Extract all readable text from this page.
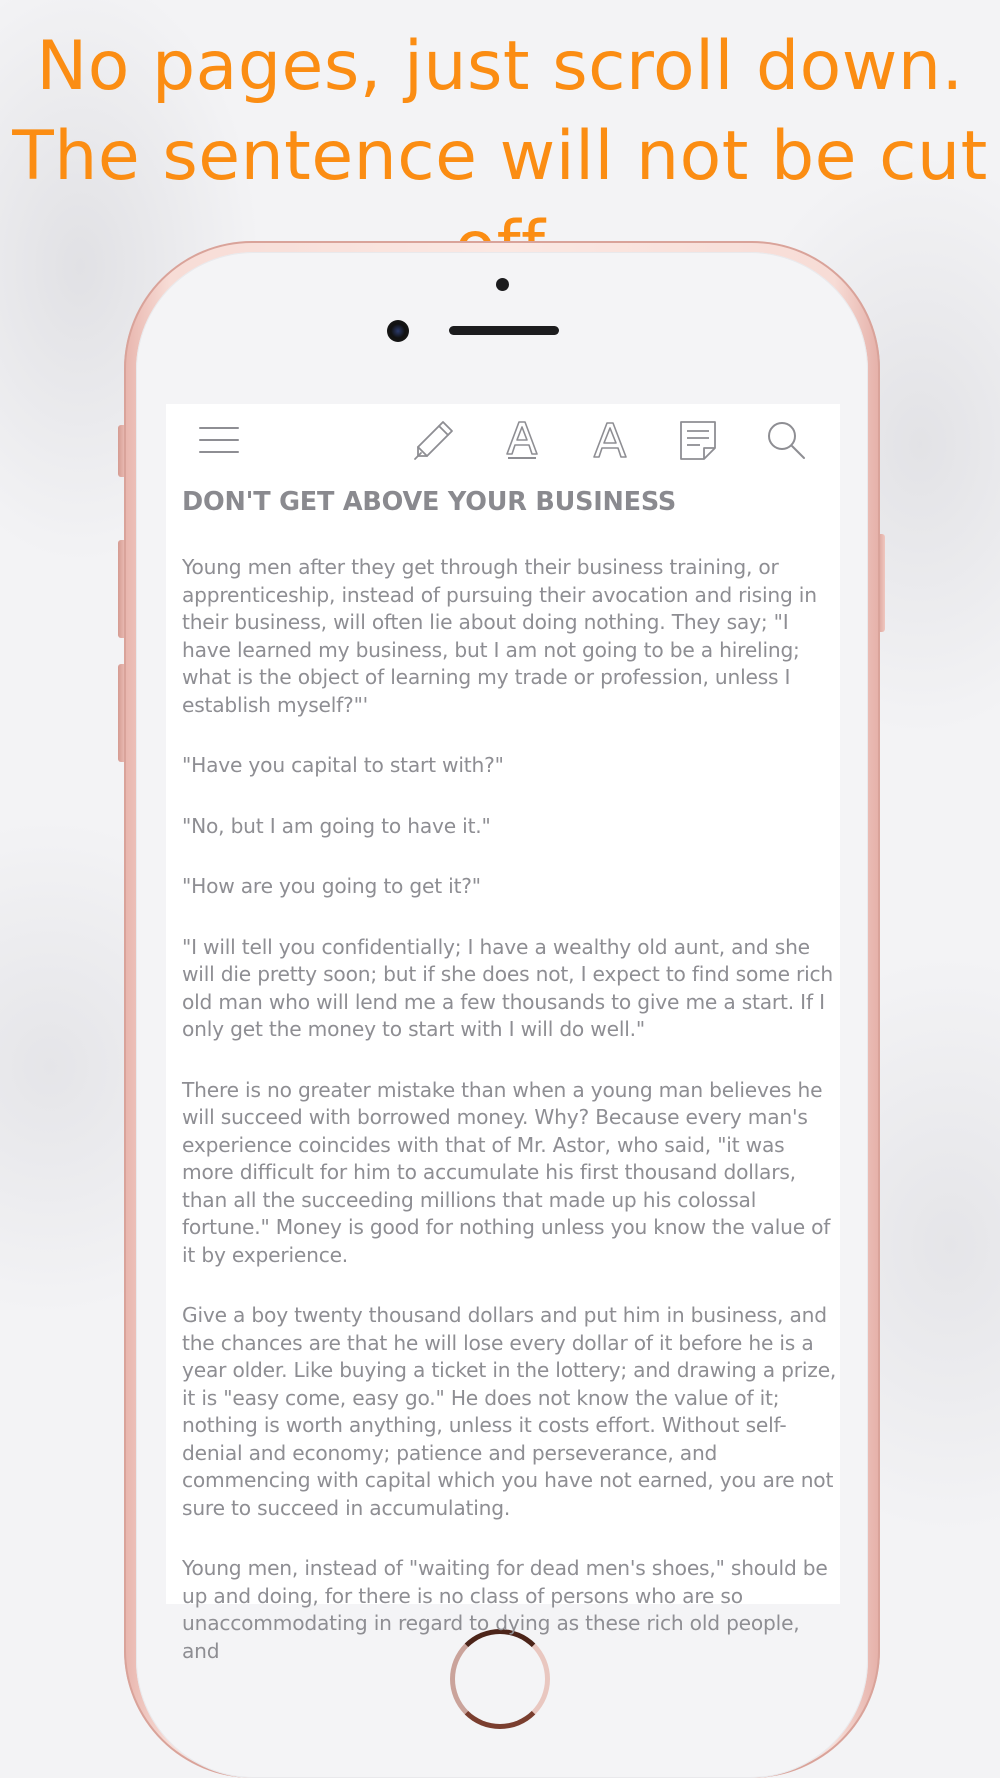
No pages, just scroll down. The sentence will not be cut
DON'T GET ABOVE YOUR BUSINESS

Young men after they get through their business training, or apprenticeship, instead of pursuing their avocation and rising in their business, will often lie about doing nothing. They say; "I have learned my business, but I am not going to be a hireling; what is the object of learning my trade or profession, unless I establish myself?"'

"Have you capital to start with?"

"No, but I am going to have it."

"How are you going to get it?"

"I will tell you confidentially; I have a wealthy old aunt, and she will die pretty soon; but if she does not, I expect to find some rich old man who will lend me a few thousands to give me a start. If I only get the money to start with I will do well."

There is no greater mistake than when a young man believes he will succeed with borrowed money. Why? Because every man's experience coincides with that of Mr. Astor, who said, "it was more difficult for him to accumulate his first thousand dollars, than all the succeeding millions that made up his colossal fortune." Money is good for nothing unless you know the value of it by experience.

Give a boy twenty thousand dollars and put him in business, and the chances are that he will lose every dollar of it before he is a year older. Like buying a ticket in the lottery; and drawing a prize, it is "easy come, easy go." He does not know the value of it; nothing is worth anything, unless it costs effort. Without self-denial and economy; patience and perseverance, and commencing with capital which you have not earned, you are not sure to succeed in accumulating.

Young men, instead of "waiting for dead men's shoes," should be up and doing, for there is no class of persons who are so unaccommodating in regard to dying as these rich old people, and
